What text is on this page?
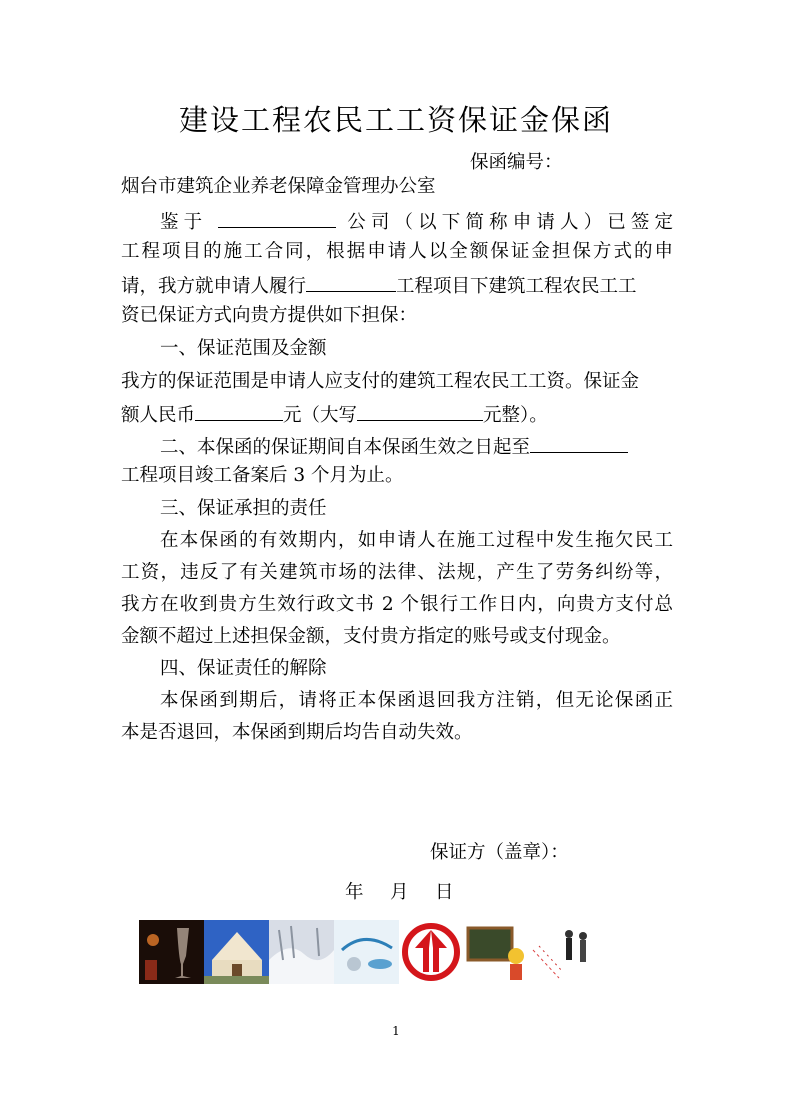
建设工程农民工工资保证金保函
保函编号：
烟台市建筑企业养老保障金管理办公室
鉴于	公司（以下简称申请人）已签定
工程项目的施工合同，根据申请人以全额保证金担保方式的申
请，我方就申请人履行	工程项目下建筑工程农民工工
资已保证方式向贵方提供如下担保：
一、保证范围及金额
我方的保证范围是申请人应支付的建筑工程农民工工资。保证金
额人民币	元（大写	元整）。
二、本保函的保证期间自本保函生效之日起至
工程项目竣工备案后 3 个月为止。
三、保证承担的责任
在本保函的有效期内，如申请人在施工过程中发生拖欠民工
工资，违反了有关建筑市场的法律、法规，产生了劳务纠纷等，
我方在收到贵方生效行政文书 2 个银行工作日内，向贵方支付总
金额不超过上述担保金额，支付贵方指定的账号或支付现金。
四、保证责任的解除
本保函到期后，请将正本保函退回我方注销，但无论保函正
本是否退回，本保函到期后均告自动失效。
保证方（盖章）：
年　月　日
1
